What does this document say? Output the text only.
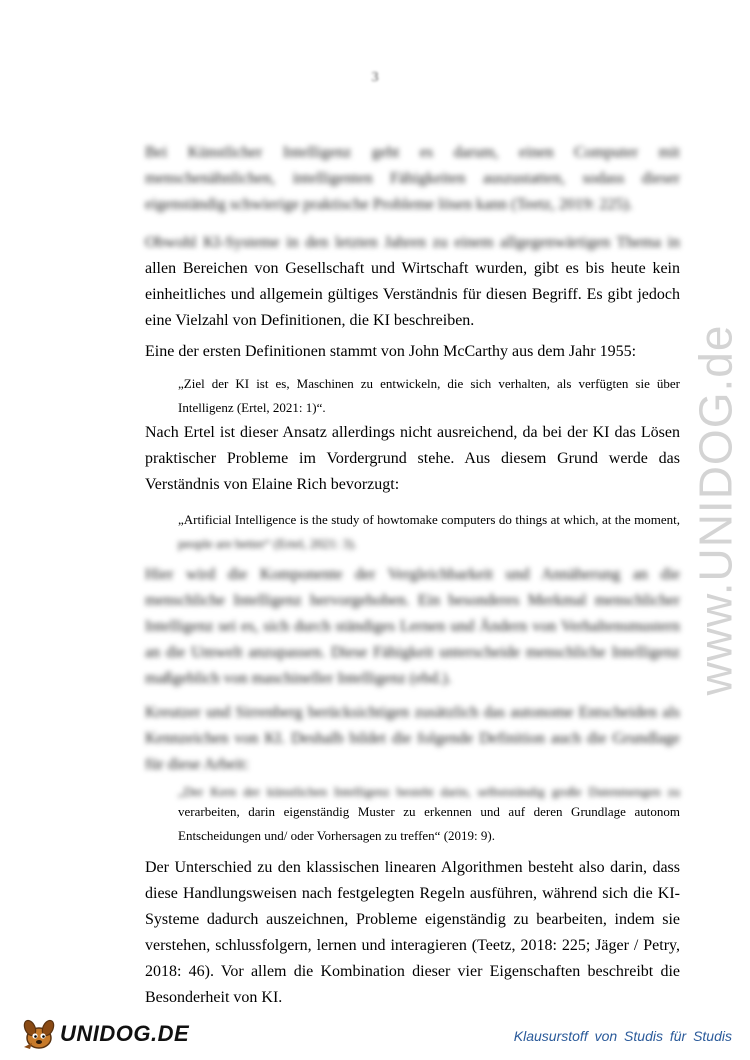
3

Bei Künstlicher Intelligenz geht es darum, einen Computer mit menschenähnlichen, intelligenten Fähigkeiten auszustatten, sodass dieser eigenständig schwierige praktische Probleme lösen kann (Teetz, 2019: 225).

Obwohl KI-Systeme in den letzten Jahren zu einem allgegenwärtigen Thema in

allen Bereichen von Gesellschaft und Wirtschaft wurden, gibt es bis heute kein einheitliches und allgemein gültiges Verständnis für diesen Begriff. Es gibt jedoch eine Vielzahl von Definitionen, die KI beschreiben.

Eine der ersten Definitionen stammt von John McCarthy aus dem Jahr 1955:

„Ziel der KI ist es, Maschinen zu entwickeln, die sich verhalten, als verfügten sie über Intelligenz (Ertel, 2021: 1)“.

Nach Ertel ist dieser Ansatz allerdings nicht ausreichend, da bei der KI das Lösen praktischer Probleme im Vordergrund stehe. Aus diesem Grund werde das Verständnis von Elaine Rich bevorzugt:

„Artificial Intelligence is the study of howtomake computers do things at which, at the moment,

people are better“ (Ertel, 2021: 3).

Hier wird die Komponente der Vergleichbarkeit und Annäherung an die menschliche Intelligenz hervorgehoben. Ein besonderes Merkmal menschlicher Intelligenz sei es, sich durch ständiges Lernen und Ändern von Verhaltensmustern an die Umwelt anzupassen. Diese Fähigkeit unterscheide menschliche Intelligenz maßgeblich von maschineller Intelligenz (ebd.).

Kreutzer und Sirrenberg berücksichtigen zusätzlich das autonome Entscheiden als Kennzeichen von KI. Deshalb bildet die folgende Definition auch die Grundlage für diese Arbeit:

„Der Kern der künstlichen Intelligenz besteht darin, selbstständig große Datenmengen zu

verarbeiten, darin eigenständig Muster zu erkennen und auf deren Grundlage autonom Entscheidungen und/ oder Vorhersagen zu treffen“ (2019: 9).

Der Unterschied zu den klassischen linearen Algorithmen besteht also darin, dass diese Handlungsweisen nach festgelegten Regeln ausführen, während sich die KI-Systeme dadurch auszeichnen, Probleme eigenständig zu bearbeiten, indem sie verstehen, schlussfolgern, lernen und interagieren (Teetz, 2018: 225; Jäger / Petry, 2018: 46). Vor allem die Kombination dieser vier Eigenschaften beschreibt die Besonderheit von KI.

www.UNIDOG.de
UNIDOG.DE	Klausurstoff von Studis für Studis
